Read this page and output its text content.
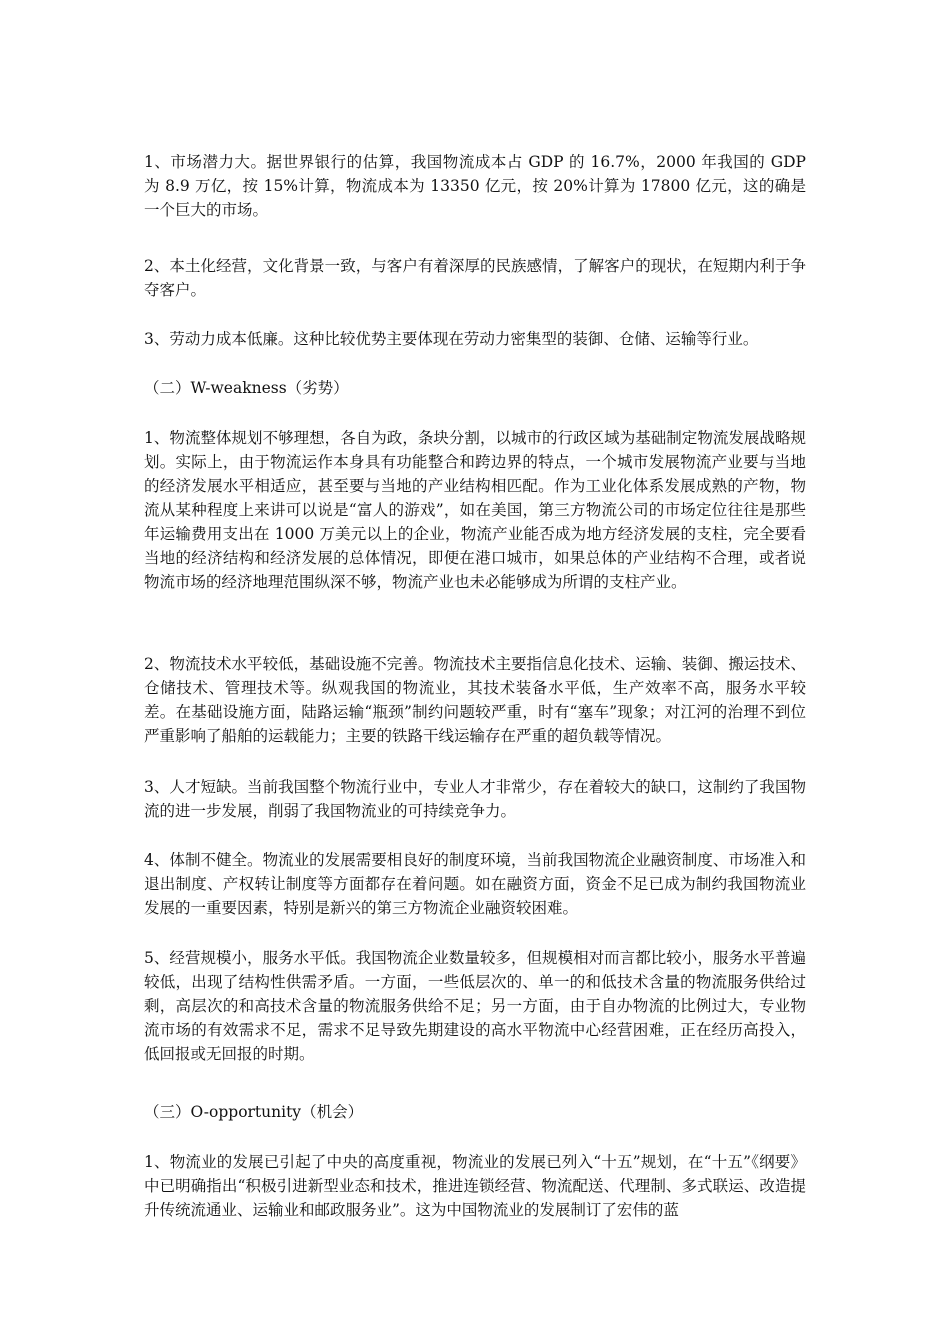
1、市场潜力大。据世界银行的估算，我国物流成本占 GDP 的 16.7%，2000 年我国的 GDP 为 8.9 万亿，按 15%计算，物流成本为 13350 亿元，按 20%计算为 17800 亿元，这的确是一个巨大的市场。

2、本土化经营，文化背景一致，与客户有着深厚的民族感情，了解客户的现状，在短期内利于争夺客户。

3、劳动力成本低廉。这种比较优势主要体现在劳动力密集型的装御、仓储、运输等行业。

（二）W-weakness（劣势）

1、物流整体规划不够理想，各自为政，条块分割，以城市的行政区域为基础制定物流发展战略规划。实际上，由于物流运作本身具有功能整合和跨边界的特点，一个城市发展物流产业要与当地的经济发展水平相适应，甚至要与当地的产业结构相匹配。作为工业化体系发展成熟的产物，物流从某种程度上来讲可以说是“富人的游戏”，如在美国，第三方物流公司的市场定位往往是那些年运输费用支出在 1000 万美元以上的企业，物流产业能否成为地方经济发展的支柱，完全要看当地的经济结构和经济发展的总体情况，即便在港口城市，如果总体的产业结构不合理，或者说物流市场的经济地理范围纵深不够，物流产业也未必能够成为所谓的支柱产业。

2、物流技术水平较低，基础设施不完善。物流技术主要指信息化技术、运输、装御、搬运技术、仓储技术、管理技术等。纵观我国的物流业，其技术装备水平低，生产效率不高，服务水平较差。在基础设施方面，陆路运输“瓶颈”制约问题较严重，时有“塞车”现象；对江河的治理不到位严重影响了船舶的运载能力；主要的铁路干线运输存在严重的超负载等情况。

3、人才短缺。当前我国整个物流行业中，专业人才非常少，存在着较大的缺口，这制约了我国物流的进一步发展，削弱了我国物流业的可持续竞争力。

4、体制不健全。物流业的发展需要相良好的制度环境，当前我国物流企业融资制度、市场准入和退出制度、产权转让制度等方面都存在着问题。如在融资方面，资金不足已成为制约我国物流业发展的一重要因素，特别是新兴的第三方物流企业融资较困难。

5、经营规模小，服务水平低。我国物流企业数量较多，但规模相对而言都比较小，服务水平普遍较低，出现了结构性供需矛盾。一方面，一些低层次的、单一的和低技术含量的物流服务供给过剩，高层次的和高技术含量的物流服务供给不足；另一方面，由于自办物流的比例过大，专业物流市场的有效需求不足，需求不足导致先期建设的高水平物流中心经营困难，正在经历高投入，低回报或无回报的时期。

（三）O-opportunity（机会）

1、物流业的发展已引起了中央的高度重视，物流业的发展已列入“十五”规划，在“十五”《纲要》中已明确指出“积极引进新型业态和技术，推进连锁经营、物流配送、代理制、多式联运、改造提升传统流通业、运输业和邮政服务业”。这为中国物流业的发展制订了宏伟的蓝
